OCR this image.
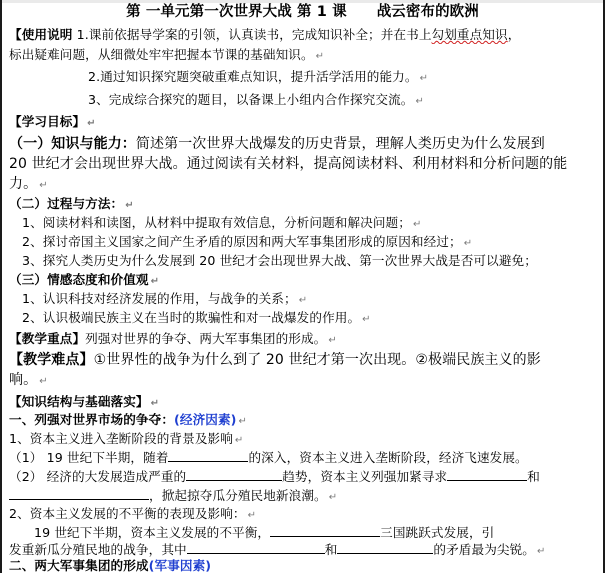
第 一单元第一次世界大战 第 1 课 战云密布的欧洲
【使用说明 1.课前依据导学案的引领，认真读书，完成知识补全；并在书上勾划重点知识，
标出疑难问题，从细微处牢牢把握本节课的基础知识。 ↵
2.通过知识探究题突破重难点知识，提升活学活用的能力。 ↵
3、完成综合探究的题目，以备课上小组内合作探究交流。 ↵
【学习目标】 ↵
（一）知识与能力：简述第一次世界大战爆发的历史背景，理解人类历史为什么发展到
20 世纪才会出现世界大战。通过阅读有关材料，提高阅读材料、利用材料和分析问题的能
力。 ↵
（二）过程与方法： ↵
1、阅读材料和读图，从材料中提取有效信息，分析问题和解决问题； ↵
2、探讨帝国主义国家之间产生矛盾的原因和两大军事集团形成的原因和经过； ↵
3、探究人类历史为什么发展到 20 世纪才会出现世界大战、第一次世界大战是否可以避免；
（三）情感态度和价值观 ↵
1、认识科技对经济发展的作用，与战争的关系； ↵
2、认识极端民族主义在当时的欺骗性和对一战爆发的作用。 ↵
【教学重点】列强对世界的争夺、两大军事集团的形成。 ↵
【教学难点】①世界性的战争为什么到了 20 世纪才第一次出现。②极端民族主义的影
响。 ↵
【知识结构与基础落实】 ↵
一、列强对世界市场的争夺：(经济因素) ↵
1、资本主义进入垄断阶段的背景及影响 ↵
（1） 19 世纪下半期，随着	的深入，资本主义进入垄断阶段，经济飞速发展。
（2） 经济的大发展造成严重的	趋势，资本主义列强加紧寻求	和
，掀起掠夺瓜分殖民地新浪潮。 ↵
2、资本主义发展的不平衡的表现及影响： ↵
19 世纪下半期，资本主义发展的不平衡，	三国跳跃式发展，引
发重新瓜分殖民地的战争，其中	和	的矛盾最为尖锐。 ↵
二、两大军事集团的形成(军事因素)
